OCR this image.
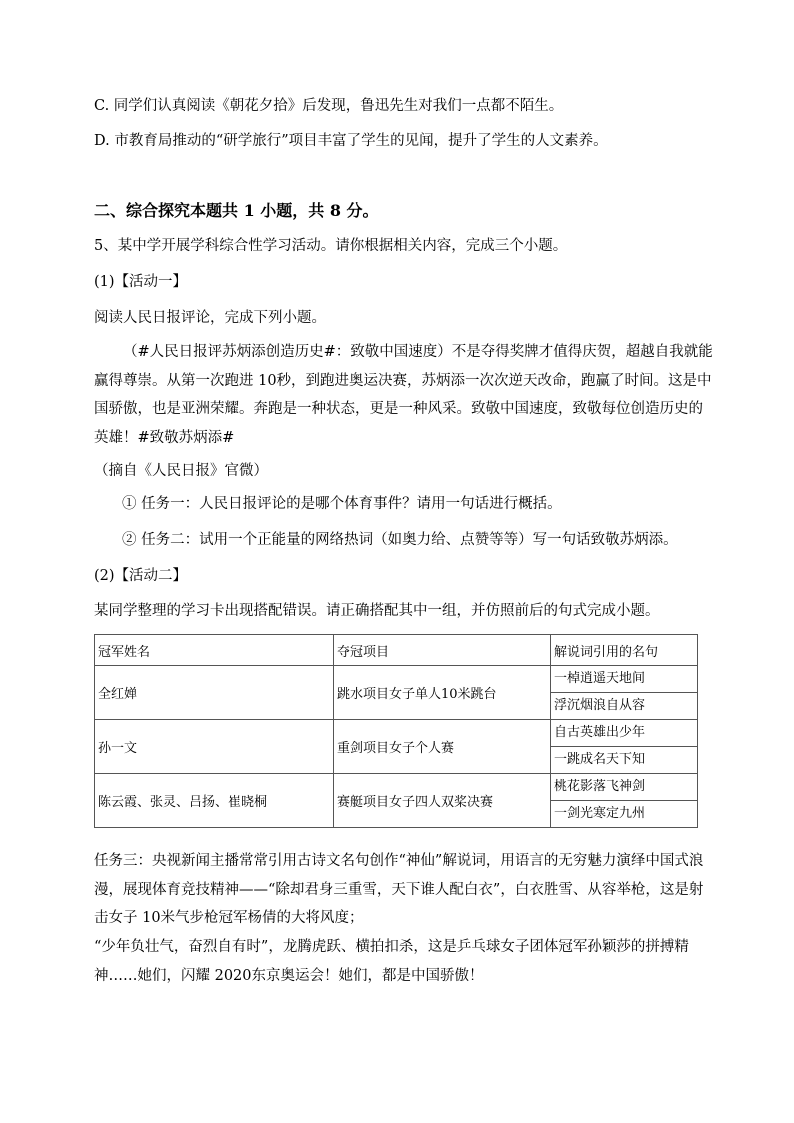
C. 同学们认真阅读《朝花夕拾》后发现，鲁迅先生对我们一点都不陌生。
D. 市教育局推动的“研学旅行”项目丰富了学生的见闻，提升了学生的人文素养。
二、综合探究本题共 1 小题，共 8 分。
5、某中学开展学科综合性学习活动。请你根据相关内容，完成三个小题。
(1)【活动一】
阅读人民日报评论，完成下列小题。
（#人民日报评苏炳添创造历史#：致敬中国速度）不是夺得奖牌才值得庆贺，超越自我就能赢得尊崇。从第一次跑进 10秒，到跑进奥运决赛，苏炳添一次次逆天改命，跑赢了时间。这是中国骄傲，也是亚洲荣耀。奔跑是一种状态，更是一种风采。致敬中国速度，致敬每位创造历史的英雄！#致敬苏炳添#
（摘自《人民日报》官微）
① 任务一：人民日报评论的是哪个体育事件？请用一句话进行概括。
② 任务二：试用一个正能量的网络热词（如奥力给、点赞等等）写一句话致敬苏炳添。
(2)【活动二】
某同学整理的学习卡出现搭配错误。请正确搭配其中一组，并仿照前后的句式完成小题。
冠军姓名	夺冠项目	解说词引用的名句
全红婵	跳水项目女子单人10米跳台	一棹逍遥天地间
浮沉烟浪自从容

孙一文	重剑项目女子个人赛	自古英雄出少年
一跳成名天下知

陈云霞、张灵、吕扬、崔晓桐	赛艇项目女子四人双桨决赛	桃花影落飞神剑
一剑光寒定九州
任务三：央视新闻主播常常引用古诗文名句创作“神仙”解说词，用语言的无穷魅力演绎中国式浪漫，展现体育竞技精神——“除却君身三重雪，天下谁人配白衣”，白衣胜雪、从容举枪，这是射击女子 10米气步枪冠军杨倩的大将风度；
“少年负壮气，奋烈自有时”，龙腾虎跃、横拍扣杀，这是乒乓球女子团体冠军孙颖莎的拼搏精神……她们，闪耀 2020东京奥运会！她们，都是中国骄傲！
